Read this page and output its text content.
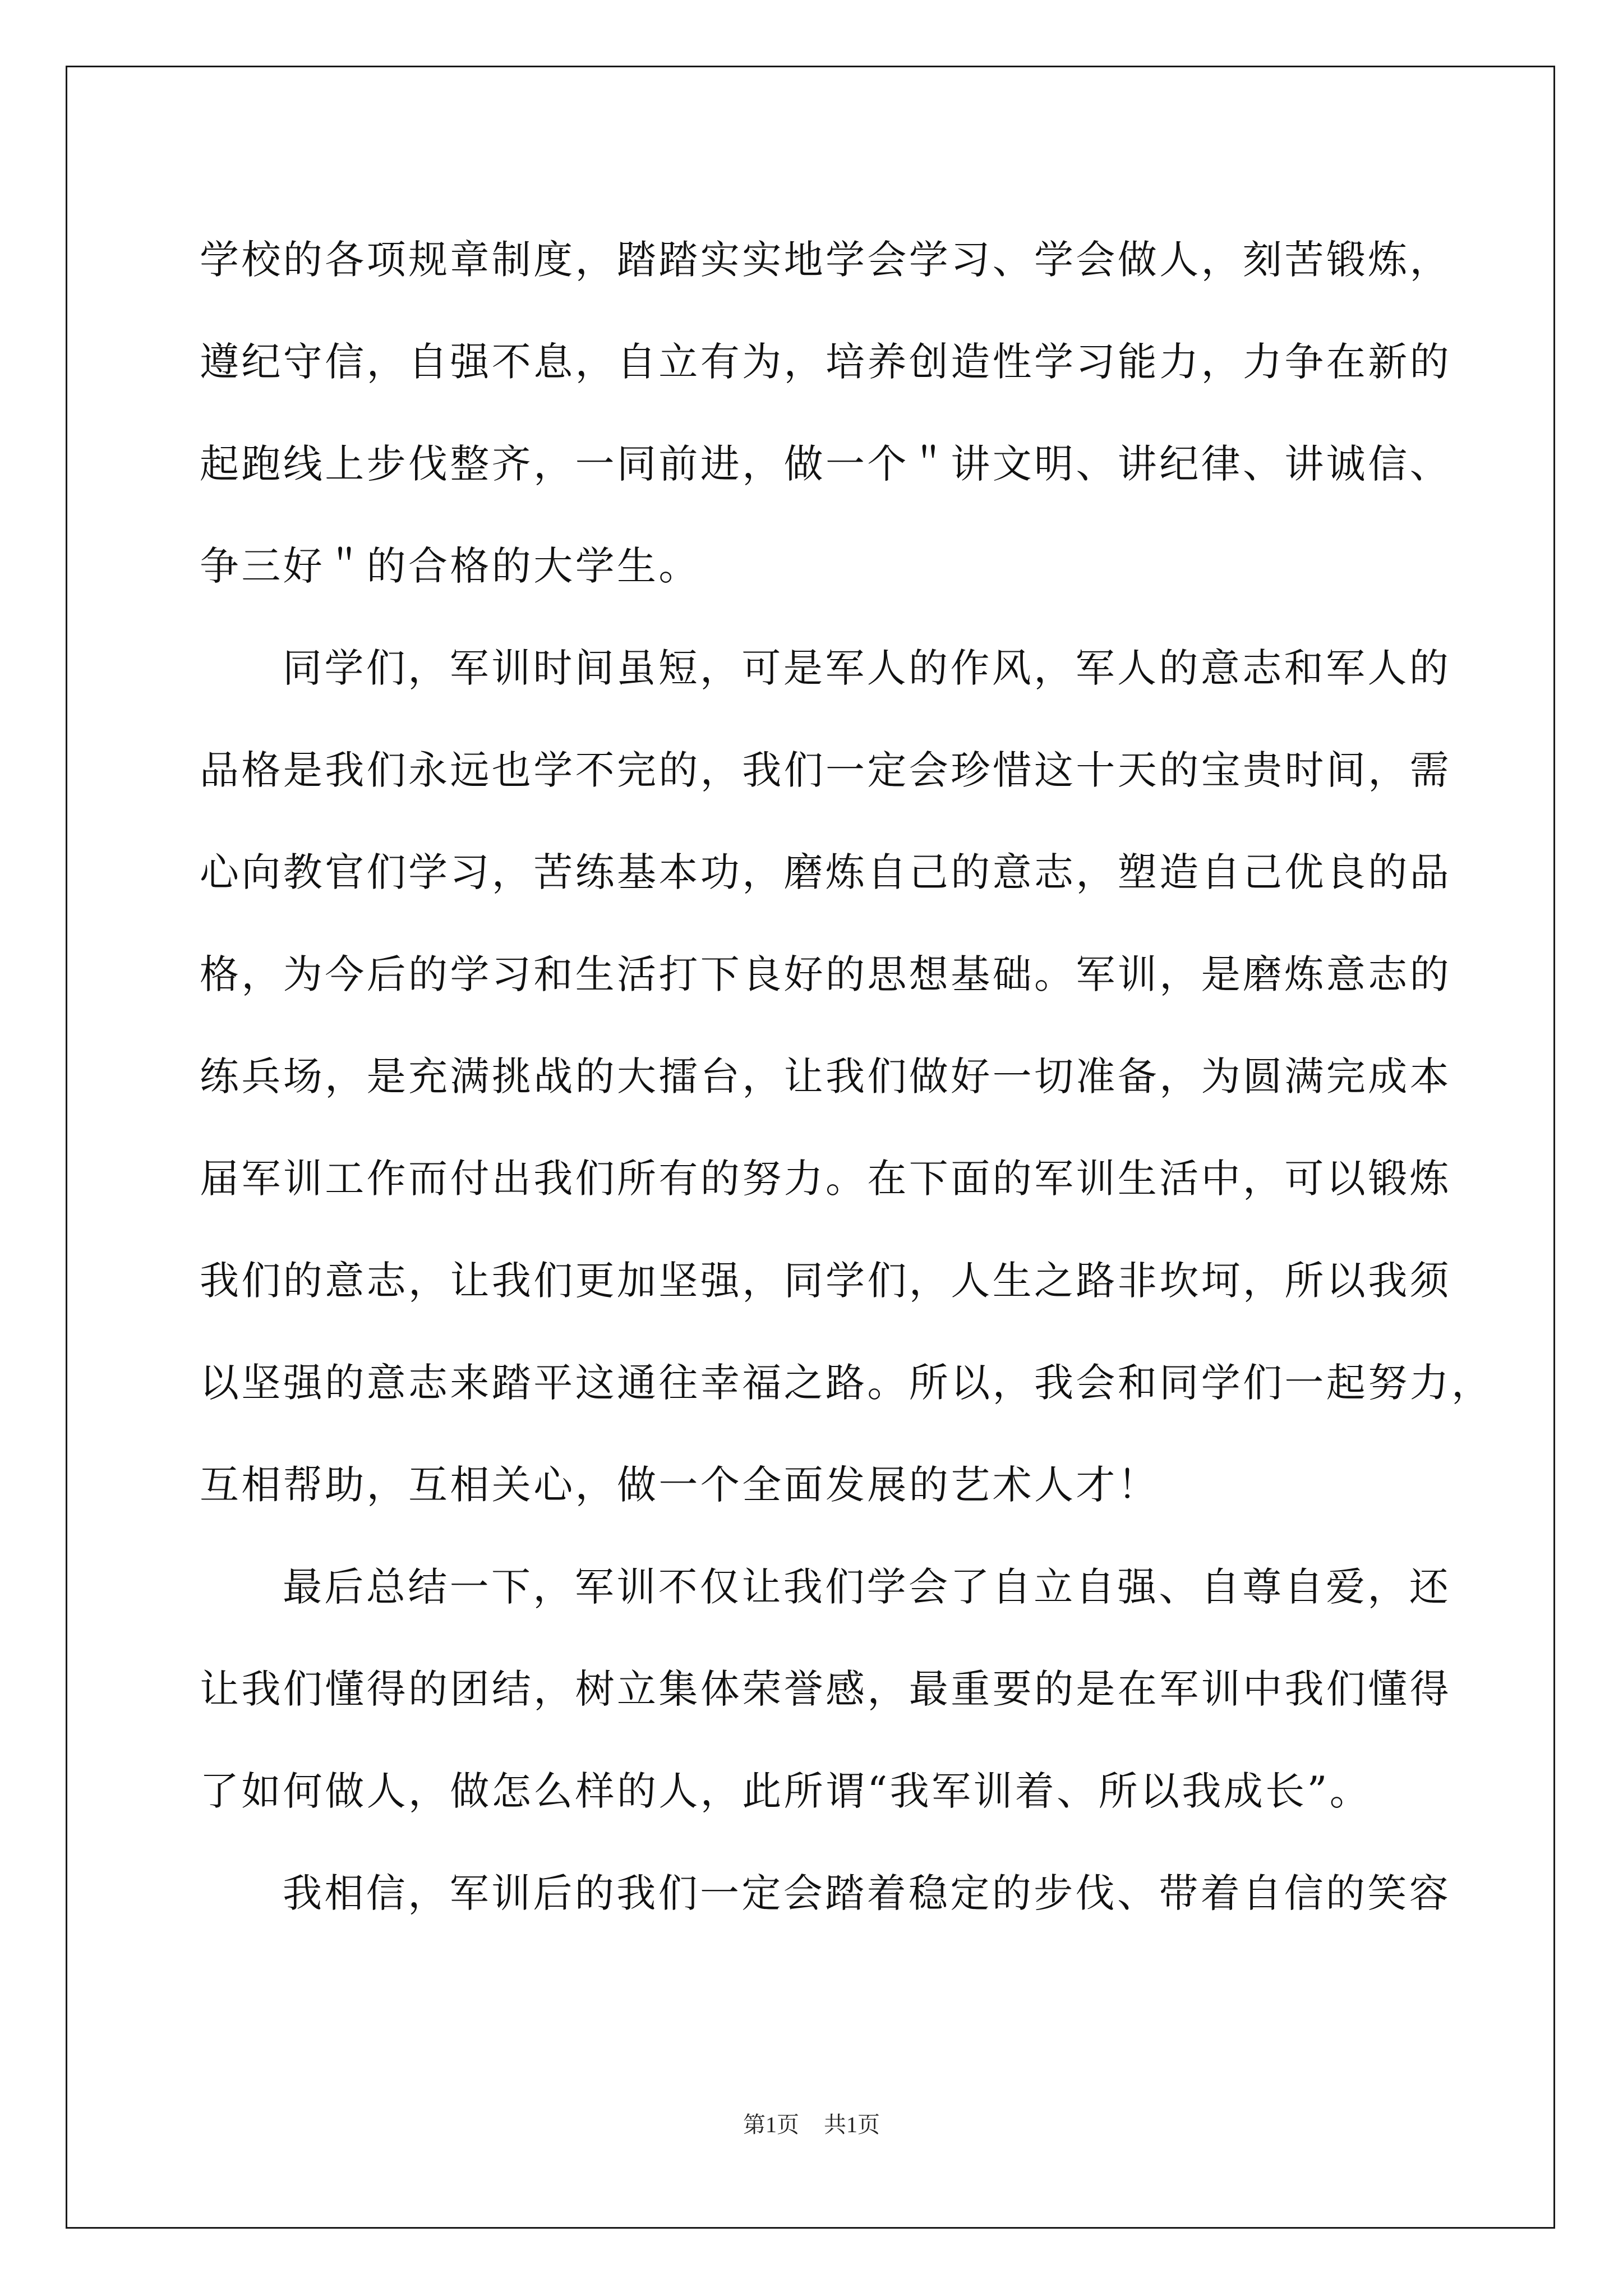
学校的各项规章制度，踏踏实实地学会学习、学会做人，刻苦锻炼，
遵纪守信，自强不息，自立有为，培养创造性学习能力，力争在新的
起跑线上步伐整齐，一同前进，做一个＂讲文明、讲纪律、讲诚信、
争三好＂的合格的大学生。
同学们，军训时间虽短，可是军人的作风，军人的意志和军人的
品格是我们永远也学不完的，我们一定会珍惜这十天的宝贵时间，需
心向教官们学习，苦练基本功，磨炼自己的意志，塑造自己优良的品
格，为今后的学习和生活打下良好的思想基础。军训，是磨炼意志的
练兵场，是充满挑战的大擂台，让我们做好一切准备，为圆满完成本
届军训工作而付出我们所有的努力。在下面的军训生活中，可以锻炼
我们的意志，让我们更加坚强，同学们，人生之路非坎坷，所以我须
以坚强的意志来踏平这通往幸福之路。所以，我会和同学们一起努力，
互相帮助，互相关心，做一个全面发展的艺术人才！
最后总结一下，军训不仅让我们学会了自立自强、自尊自爱，还
让我们懂得的团结，树立集体荣誉感，最重要的是在军训中我们懂得
了如何做人，做怎么样的人，此所谓“我军训着、所以我成长”。
我相信，军训后的我们一定会踏着稳定的步伐、带着自信的笑容
第1页 共1页
